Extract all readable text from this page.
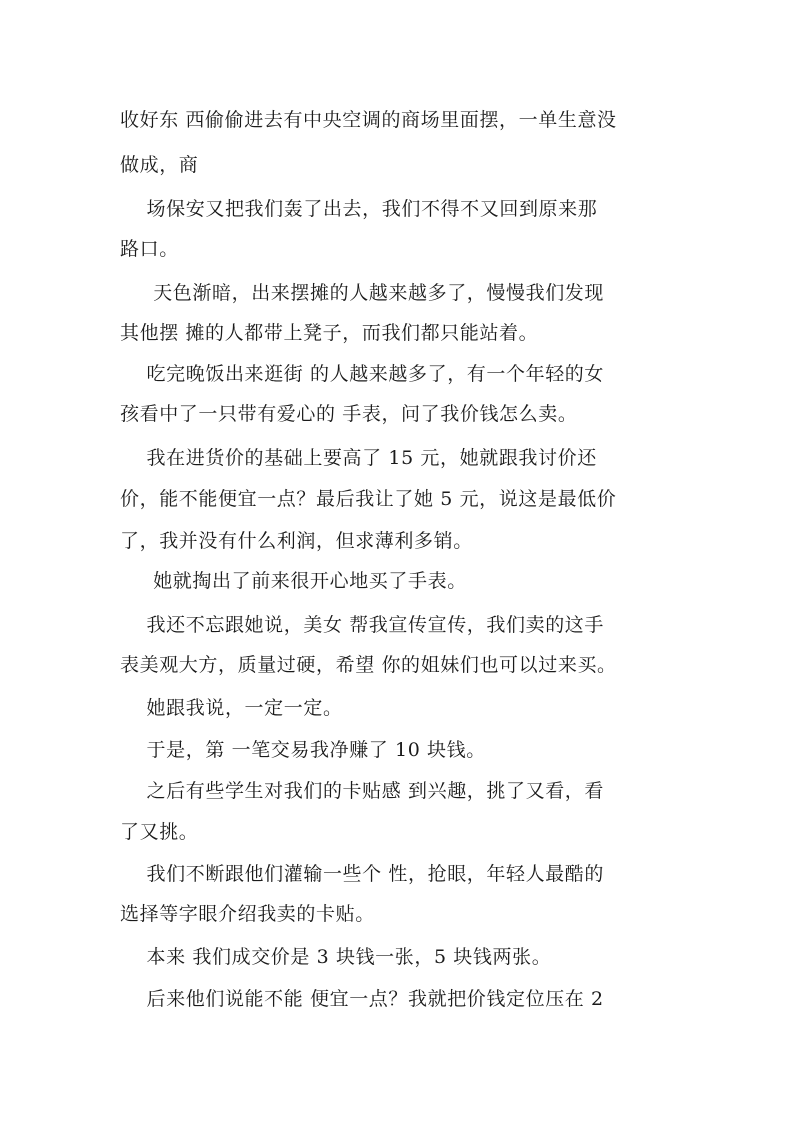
收好东 西偷偷进去有中央空调的商场里面摆，一单生意没
做成，商
场保安又把我们轰了出去，我们不得不又回到原来那
路口。
天色渐暗，出来摆摊的人越来越多了，慢慢我们发现
其他摆 摊的人都带上凳子，而我们都只能站着。
吃完晚饭出来逛街 的人越来越多了，有一个年轻的女
孩看中了一只带有爱心的 手表，问了我价钱怎么卖。
我在进货价的基础上要高了 15 元，她就跟我讨价还
价，能不能便宜一点？最后我让了她 5 元，说这是最低价
了，我并没有什么利润，但求薄利多销。
她就掏出了前来很开心地买了手表。
我还不忘跟她说，美女 帮我宣传宣传，我们卖的这手
表美观大方，质量过硬，希望 你的姐妹们也可以过来买。
她跟我说，一定一定。
于是，第 一笔交易我净赚了 10 块钱。
之后有些学生对我们的卡贴感 到兴趣，挑了又看，看
了又挑。
我们不断跟他们灌输一些个 性，抢眼，年轻人最酷的
选择等字眼介绍我卖的卡贴。
本来 我们成交价是 3 块钱一张，5 块钱两张。
后来他们说能不能 便宜一点？我就把价钱定位压在 2
